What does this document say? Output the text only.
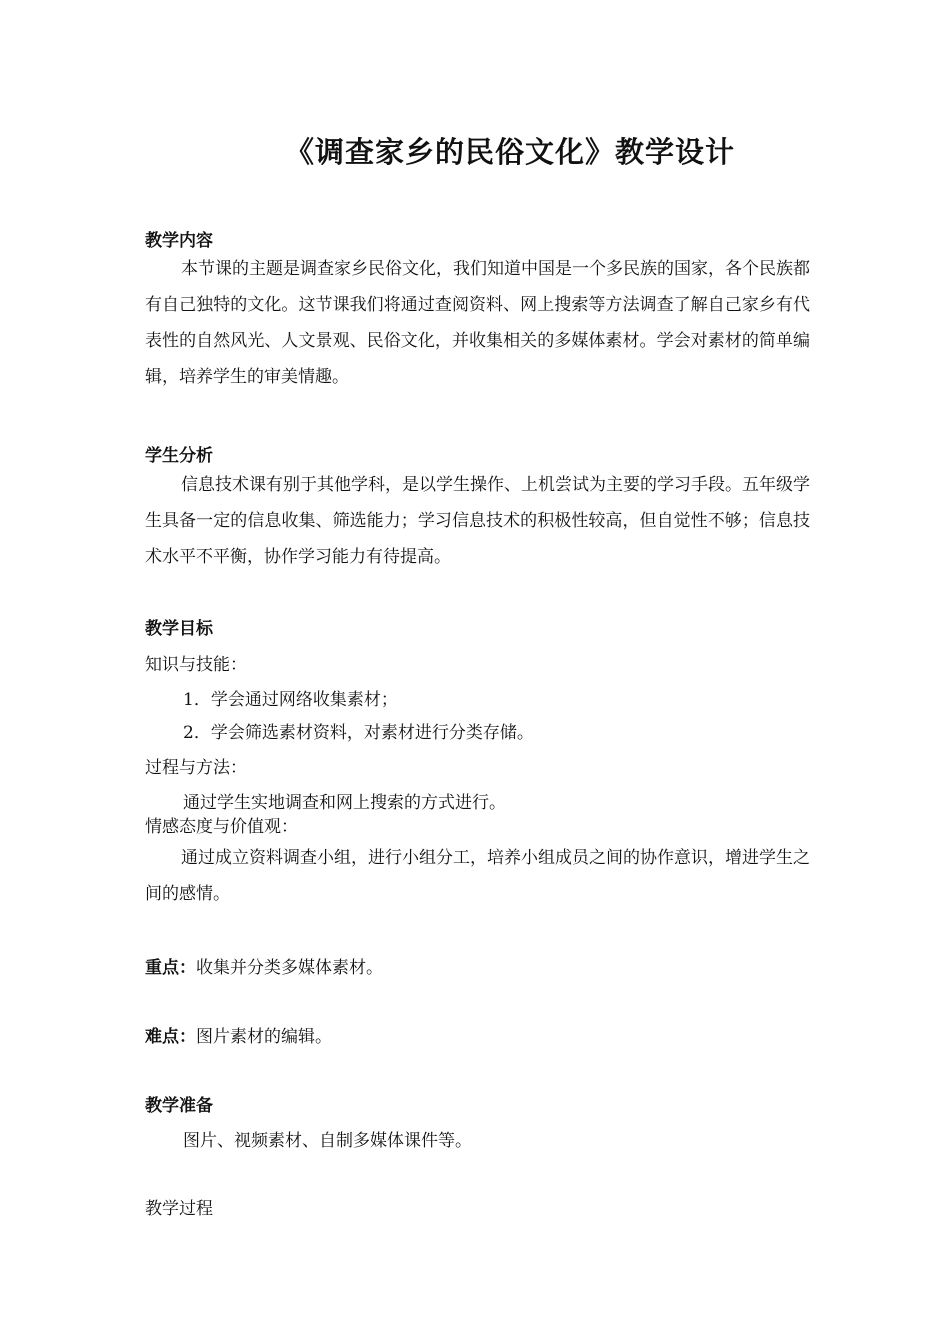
《调查家乡的民俗文化》教学设计
教学内容
本节课的主题是调查家乡民俗文化，我们知道中国是一个多民族的国家，各个民族都有自己独特的文化。这节课我们将通过查阅资料、网上搜索等方法调查了解自己家乡有代表性的自然风光、人文景观、民俗文化，并收集相关的多媒体素材。学会对素材的简单编辑，培养学生的审美情趣。
学生分析
信息技术课有别于其他学科，是以学生操作、上机尝试为主要的学习手段。五年级学生具备一定的信息收集、筛选能力；学习信息技术的积极性较高，但自觉性不够；信息技术水平不平衡，协作学习能力有待提高。
教学目标
知识与技能：
1．学会通过网络收集素材；
2．学会筛选素材资料，对素材进行分类存储。
过程与方法：
通过学生实地调查和网上搜索的方式进行。
情感态度与价值观：
通过成立资料调查小组，进行小组分工，培养小组成员之间的协作意识，增进学生之间的感情。
重点：收集并分类多媒体素材。
难点：图片素材的编辑。
教学准备
图片、视频素材、自制多媒体课件等。
教学过程
